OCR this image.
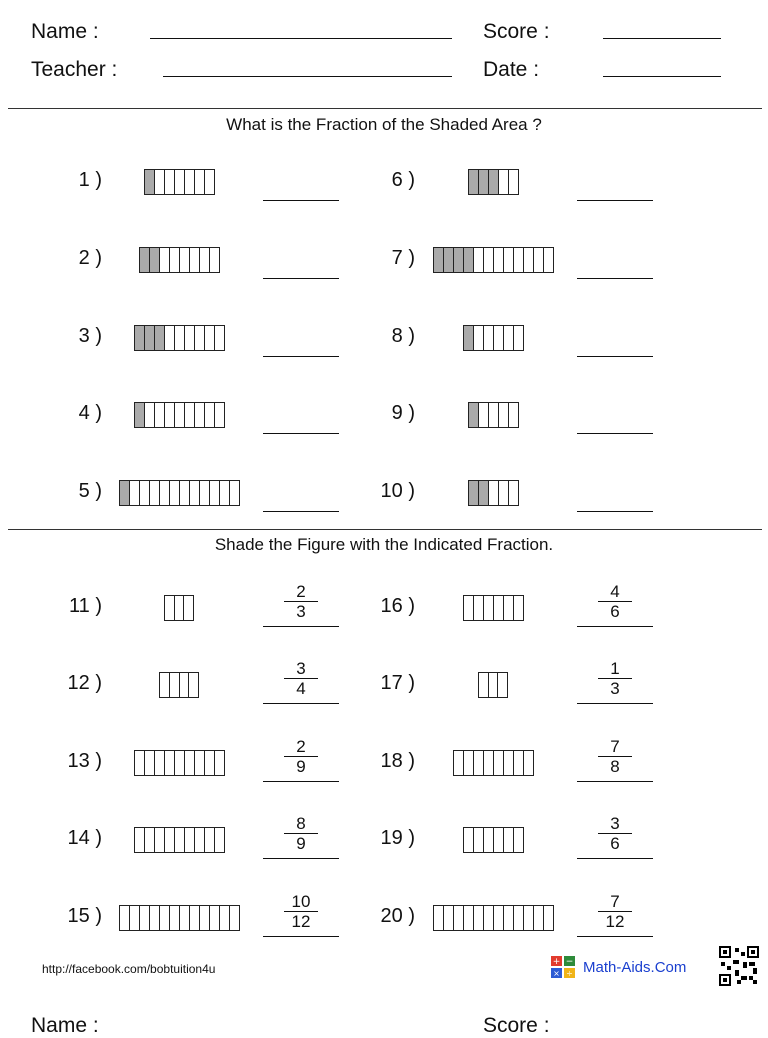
Name :	Score :
Teacher :	Date :
What is the Fraction of the Shaded Area ?
1 )
2 )
3 )
4 )
5 )
6 )
7 )
8 )
9 )
10 )
Shade the Figure with the Indicated Fraction.
11 )	$\frac{2}{3}$
12 )	$\frac{3}{4}$
13 )	$\frac{2}{9}$
14 )	$\frac{8}{9}$
15 )	$\frac{10}{12}$
16 )	$\frac{4}{6}$
17 )	$\frac{1}{3}$
18 )	$\frac{7}{8}$
19 )	$\frac{3}{6}$
20 )	$\frac{7}{12}$
http://facebook.com/bobtuition4u	+ −
× ÷ Math-Aids.Com
Name :	Score :
